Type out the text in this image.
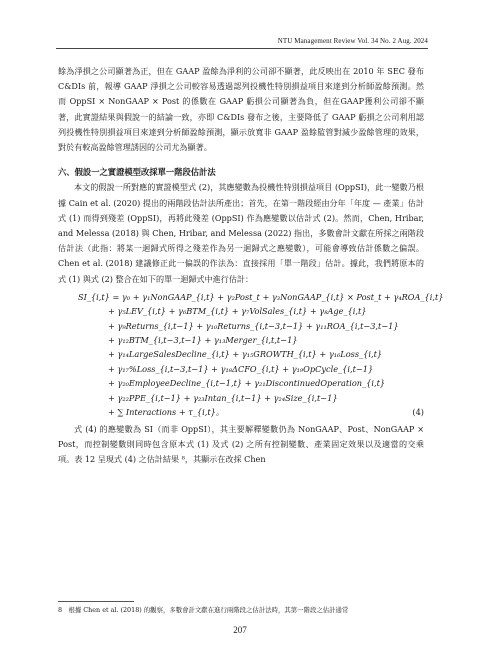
NTU Management Review Vol. 34 No. 2 Aug. 2024

餘為淨損之公司顯著為正，但在 GAAP 盈餘為淨利的公司卻不顯著，此反映出在 2010 年 SEC 發布 C&DIs 前，報導 GAAP 淨損之公司較容易透過認列投機性特別損益項目來達到分析師盈餘預測。然而 OppSI × NonGAAP × Post 的係數在 GAAP 虧損公司顯著為負，但在GAAP獲利公司卻不顯著，此實證結果與假說一的結論一致，亦即 C&DIs 發布之後，主要降低了 GAAP 虧損之公司利用認列投機性特別損益項目來達到分析師盈餘預測，顯示放寬非 GAAP 盈餘監管對減少盈餘管理的效果，對於有較高盈餘管理誘因的公司尤為顯著。

六、假設一之實證模型改採單一階段估計法

本文的假說一所對應的實證模型式 (2)，其應變數為投機性特別損益項目 (OppSI)，此一變數乃根據 Cain et al. (2020) 提出的兩階段估計法所產出；首先，在第一階段經由分年「年度 — 產業」估計式 (1) 而得到殘差 (OppSI)，再將此殘差 (OppSI) 作為應變數以估計式 (2)。然而，Chen, Hribar, and Melessa (2018) 與 Chen, Hribar, and Melessa (2022) 指出，多數會計文獻在所採之兩階段估計法（此指：將某一迴歸式所得之殘差作為另一迴歸式之應變數），可能會導致估計係數之偏誤。Chen et al. (2018) 建議修正此一偏誤的作法為：直接採用「單一階段」估計。據此，我們將原本的式 (1) 與式 (2) 整合在如下的單一迴歸式中進行估計：

SI_{i,t} = γ₀ + γ₁NonGAAP_{i,t} + γ₂Post_t + γ₃NonGAAP_{i,t} × Post_t + γ₄ROA_{i,t}
+ γ₅LEV_{i,t} + γ₆BTM_{i,t} + γ₇VolSales_{i,t} + γ₈Age_{i,t}
+ γ₉Returns_{i,t−1} + γ₁₀Returns_{i,t−3,t−1} + γ₁₁ROA_{i,t−3,t−1}
+ γ₁₂BTM_{i,t−3,t−1} + γ₁₃Merger_{i,t,t−1}
+ γ₁₄LargeSalesDecline_{i,t} + γ₁₅GROWTH_{i,t} + γ₁₆Loss_{i,t}
+ γ₁₇%Loss_{i,t−3,t−1} + γ₁₈ΔCFO_{i,t} + γ₁₉OpCycle_{i,t−1}
+ γ₂₀EmployeeDecline_{i,t−1,t} + γ₂₁DiscontinuedOperation_{i,t}
+ γ₂₂PPE_{i,t−1} + γ₂₃Intan_{i,t−1} + γ₂₄Size_{i,t−1}
+ ∑ Interactions + τ_{i,t}。	(4)

式 (4) 的應變數為 SI（而非 OppSI），其主要解釋變數仍為 NonGAAP、Post、NonGAAP × Post，而控制變數則同時包含原本式 (1) 及式 (2) 之所有控制變數、產業固定效果以及適當的交乘項。表 12 呈現式 (4) 之估計結果 ⁸，其顯示在改採 Chen

8　根據 Chen et al. (2018) 的觀察，多數會計文獻在進行兩階段之估計法時，其第一階段之估計通常
207
